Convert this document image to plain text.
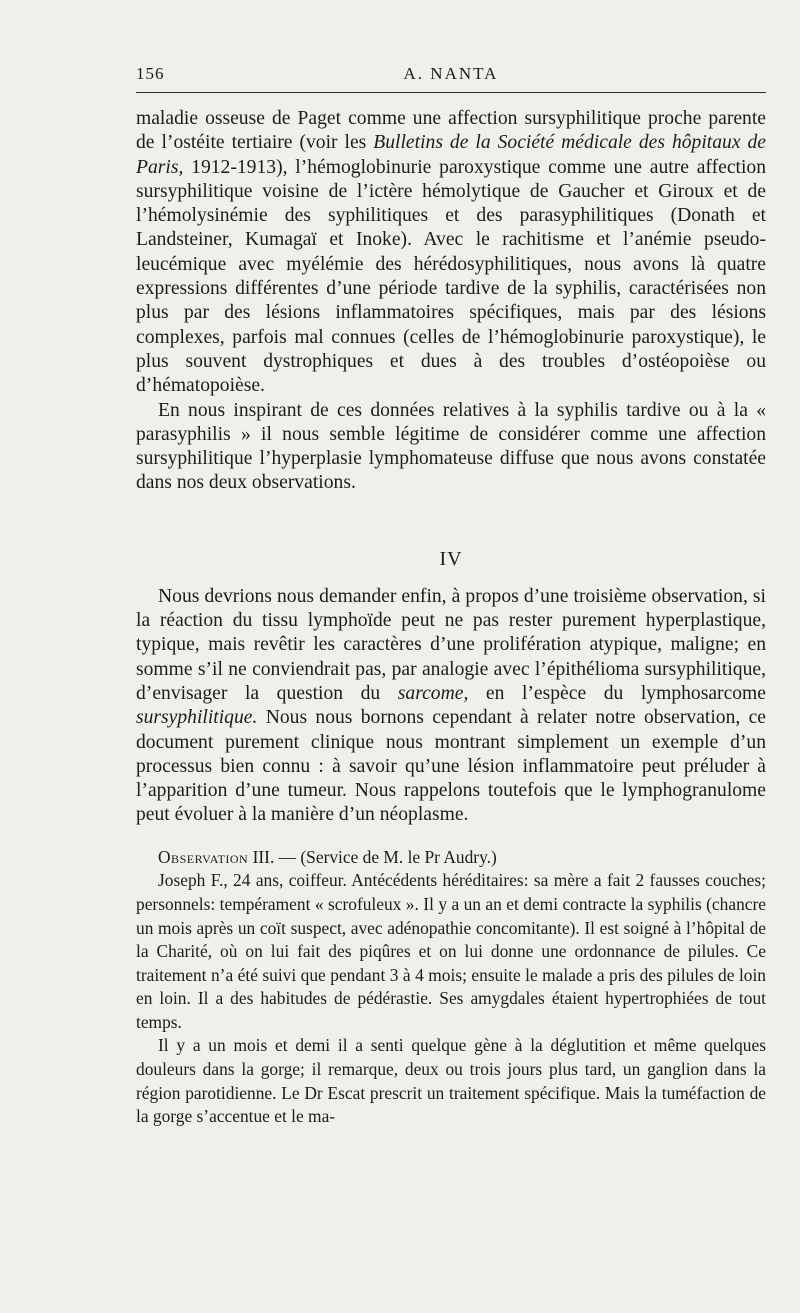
156	A. NANTA

maladie osseuse de Paget comme une affection sursyphilitique proche parente de l’ostéite tertiaire (voir les Bulletins de la Société médicale des hôpitaux de Paris, 1912-1913), l’hémoglobinurie paroxystique comme une autre affection sursyphilitique voisine de l’ictère hémolytique de Gaucher et Giroux et de l’hémolysinémie des syphilitiques et des parasyphilitiques (Donath et Landsteiner, Kumagaï et Inoke). Avec le rachitisme et l’anémie pseudo-leucémique avec myélémie des hérédosyphilitiques, nous avons là quatre expressions différentes d’une période tardive de la syphilis, caractérisées non plus par des lésions inflammatoires spécifiques, mais par des lésions complexes, parfois mal connues (celles de l’hémoglobinurie paroxystique), le plus souvent dystrophiques et dues à des troubles d’ostéopoièse ou d’hématopoièse.

En nous inspirant de ces données relatives à la syphilis tardive ou à la « parasyphilis » il nous semble légitime de considérer comme une affection sursyphilitique l’hyperplasie lymphomateuse diffuse que nous avons constatée dans nos deux observations.

IV

Nous devrions nous demander enfin, à propos d’une troisième observation, si la réaction du tissu lymphoïde peut ne pas rester purement hyperplastique, typique, mais revêtir les caractères d’une prolifération atypique, maligne; en somme s’il ne conviendrait pas, par analogie avec l’épithélioma sursyphilitique, d’envisager la question du sarcome, en l’espèce du lymphosarcome sursyphilitique. Nous nous bornons cependant à relater notre observation, ce document purement clinique nous montrant simplement un exemple d’un processus bien connu : à savoir qu’une lésion inflammatoire peut préluder à l’apparition d’une tumeur. Nous rappelons toutefois que le lymphogranulome peut évoluer à la manière d’un néoplasme.

Observation III. — (Service de M. le Pr Audry.)

Joseph F., 24 ans, coiffeur. Antécédents héréditaires: sa mère a fait 2 fausses couches; personnels: tempérament « scrofuleux ». Il y a un an et demi contracte la syphilis (chancre un mois après un coït suspect, avec adénopathie concomitante). Il est soigné à l’hôpital de la Charité, où on lui fait des piqûres et on lui donne une ordonnance de pilules. Ce traitement n’a été suivi que pendant 3 à 4 mois; ensuite le malade a pris des pilules de loin en loin. Il a des habitudes de pédérastie. Ses amygdales étaient hypertrophiées de tout temps.

Il y a un mois et demi il a senti quelque gène à la déglutition et même quelques douleurs dans la gorge; il remarque, deux ou trois jours plus tard, un ganglion dans la région parotidienne. Le Dr Escat prescrit un traitement spécifique. Mais la tuméfaction de la gorge s’accentue et le ma-
